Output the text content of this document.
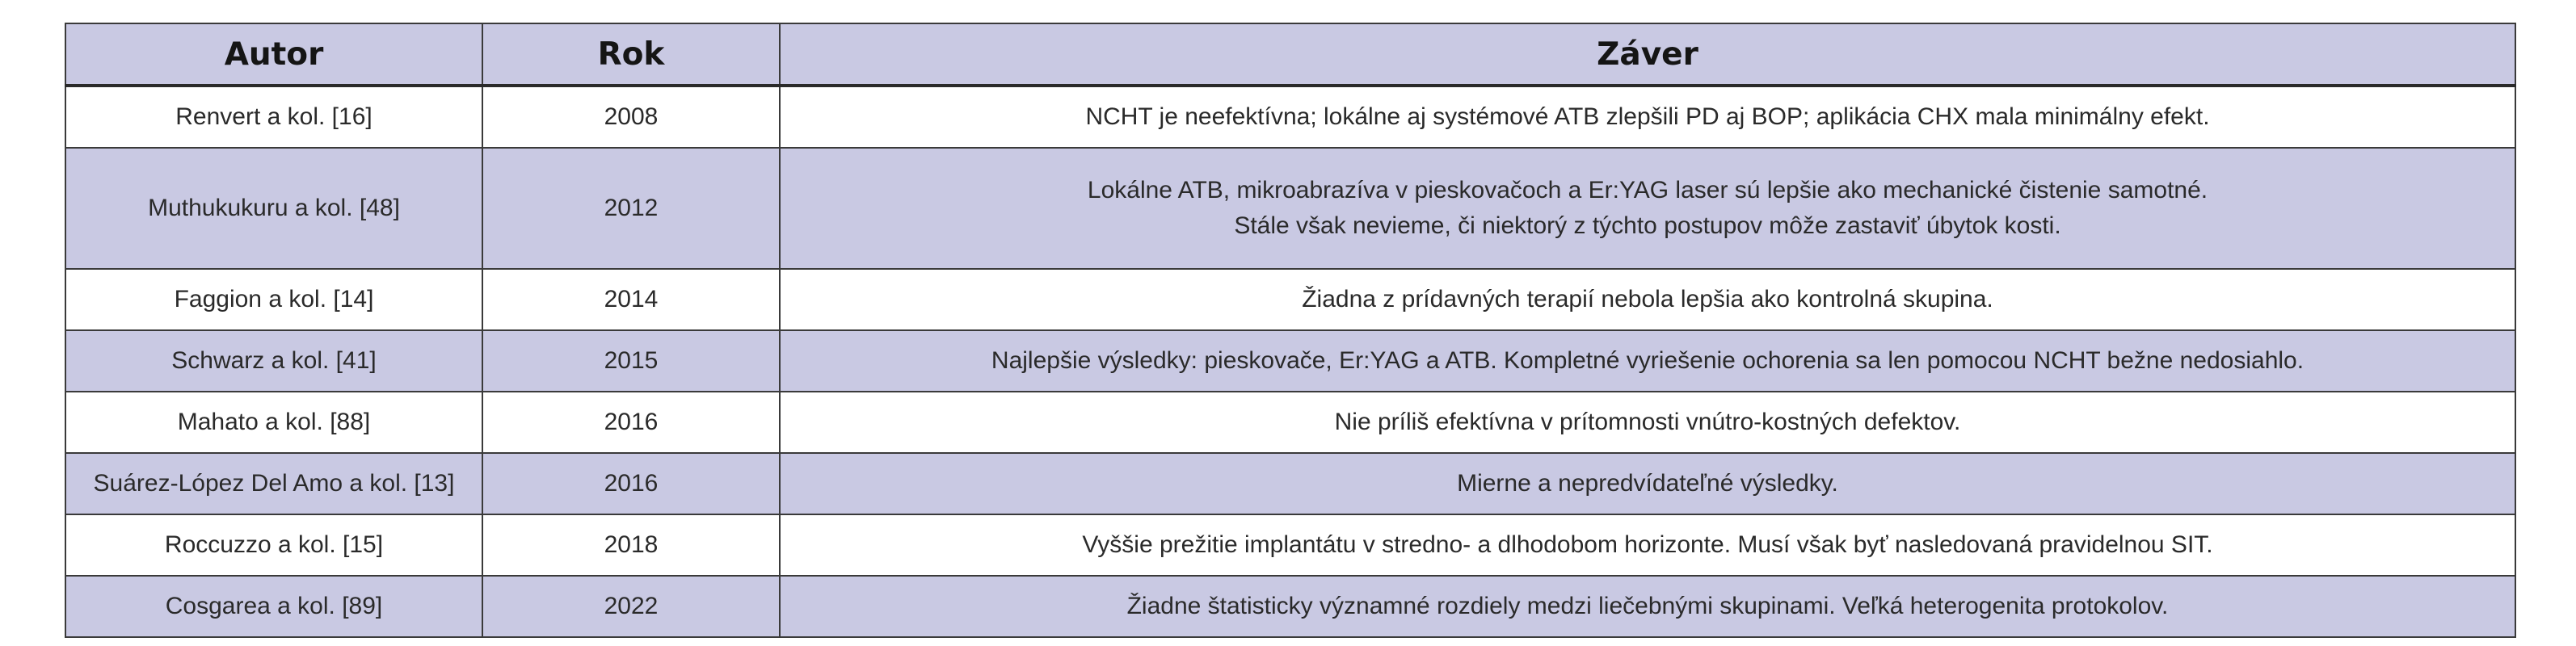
Autor	Rok	Záver
Renvert a kol. [16]	2008	NCHT je neefektívna; lokálne aj systémové ATB zlepšili PD aj BOP; aplikácia CHX mala minimálny efekt.

Muthukukuru a kol. [48]	2012	Lokálne ATB, mikroabrazíva v pieskovačoch a Er:YAG laser sú lepšie ako mechanické čistenie samotné.
Stále však nevieme, či niektorý z týchto postupov môže zastaviť úbytok kosti.

Faggion a kol. [14]	2014	Žiadna z prídavných terapií nebola lepšia ako kontrolná skupina.

Schwarz a kol. [41]	2015	Najlepšie výsledky: pieskovače, Er:YAG a ATB. Kompletné vyriešenie ochorenia sa len pomocou NCHT bežne nedosiahlo.

Mahato a kol. [88]	2016	Nie príliš efektívna v prítomnosti vnútro-kostných defektov.

Suárez-López Del Amo a kol. [13]	2016	Mierne a nepredvídateľné výsledky.

Roccuzzo a kol. [15]	2018	Vyššie prežitie implantátu v stredno- a dlhodobom horizonte. Musí však byť nasledovaná pravidelnou SIT.

Cosgarea a kol. [89]	2022	Žiadne štatisticky významné rozdiely medzi liečebnými skupinami. Veľká heterogenita protokolov.
